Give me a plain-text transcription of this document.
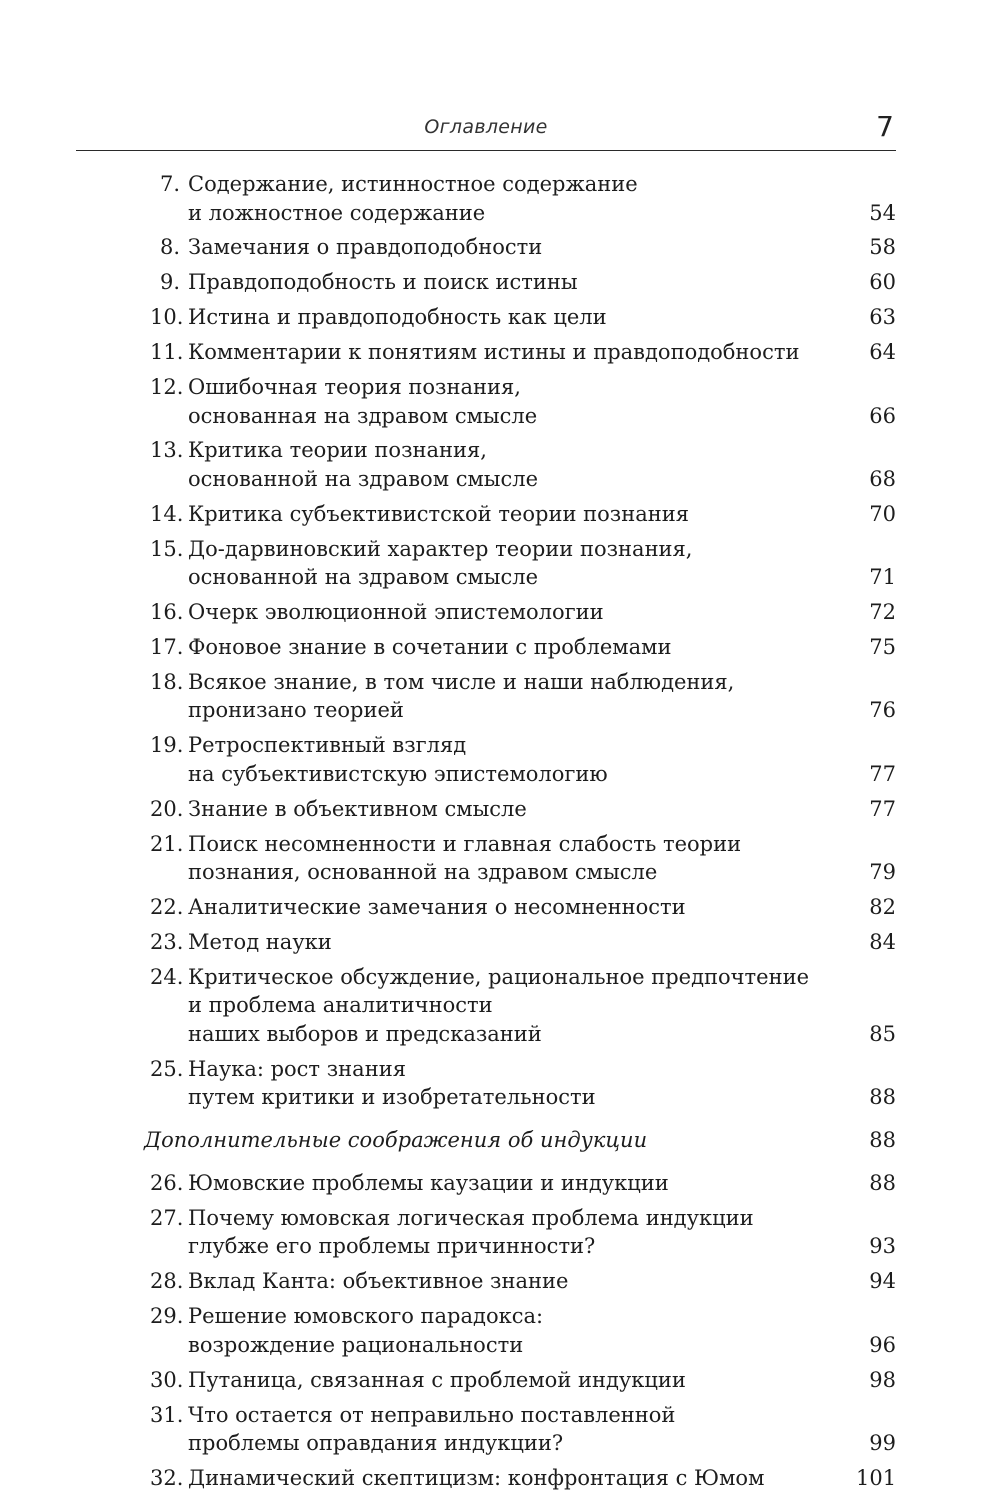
Оглавление	7
7. Содержание, истинностное содержание
и ложностное содержание	54
8. Замечания о правдоподобности	58
9. Правдоподобность и поиск истины	60
10. Истина и правдоподобность как цели	63
11. Комментарии к понятиям истины и правдоподобности	64
12. Ошибочная теория познания,
основанная на здравом смысле	66
13. Критика теории познания,
основанной на здравом смысле	68
14. Критика субъективистской теории познания	70
15. До-дарвиновский характер теории познания,
основанной на здравом смысле	71
16. Очерк эволюционной эпистемологии	72
17. Фоновое знание в сочетании с проблемами	75
18. Всякое знание, в том числе и наши наблюдения,
пронизано теорией	76
19. Ретроспективный взгляд
на субъективистскую эпистемологию	77
20. Знание в объективном смысле	77
21. Поиск несомненности и главная слабость теории
познания, основанной на здравом смысле	79
22. Аналитические замечания о несомненности	82
23. Метод науки	84
24. Критическое обсуждение, рациональное предпочтение
и проблема аналитичности
наших выборов и предсказаний	85
25. Наука: рост знания
путем критики и изобретательности	88
Дополнительные соображения об индукции	88
26. Юмовские проблемы каузации и индукции	88
27. Почему юмовская логическая проблема индукции
глубже его проблемы причинности?	93
28. Вклад Канта: объективное знание	94
29. Решение юмовского парадокса:
возрождение рациональности	96
30. Путаница, связанная с проблемой индукции	98
31. Что остается от неправильно поставленной
проблемы оправдания индукции?	99
32. Динамический скептицизм: конфронтация с Юмом	101
